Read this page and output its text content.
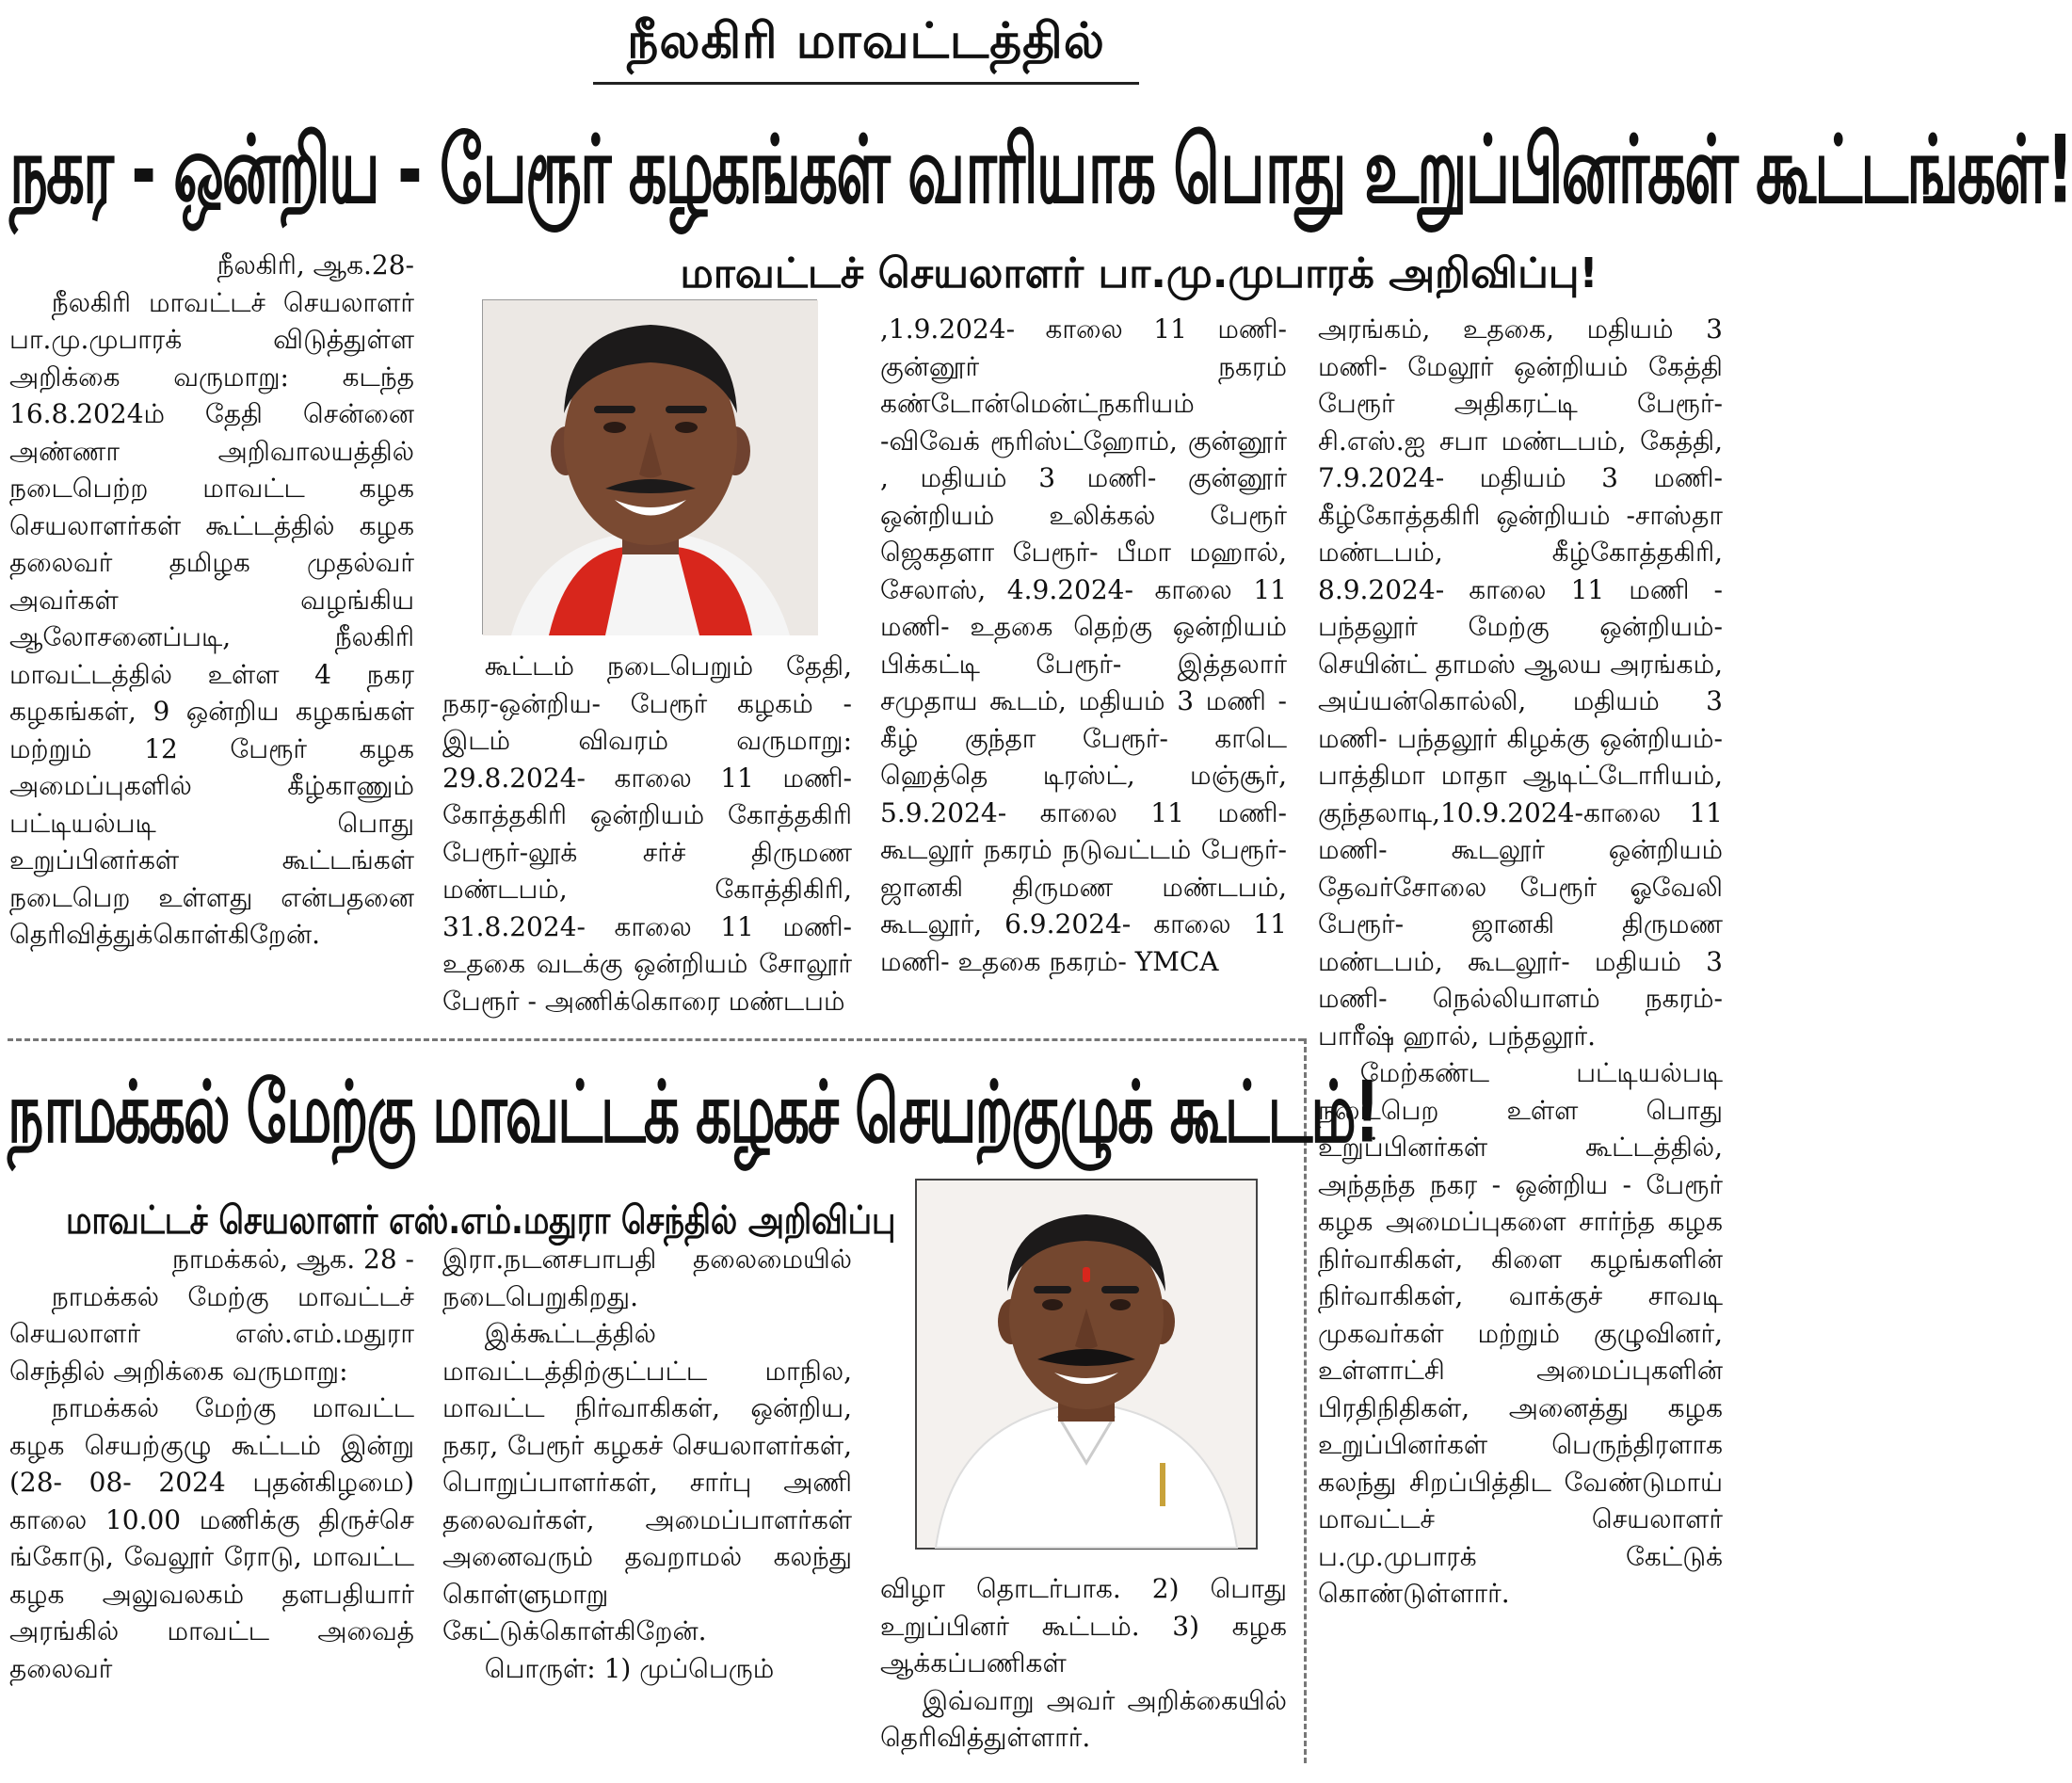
நீலகிரி மாவட்டத்தில்
நகர - ஒன்றிய - பேரூர் கழகங்கள் வாரியாக பொது உறுப்பினர்கள் கூட்டங்கள்!
மாவட்டச் செயலாளர் பா.மு.முபாரக் அறிவிப்பு!

நீலகிரி, ஆக.28-

நீலகிரி மாவட்டச் செயலாளர் பா.மு.முபாரக் விடுத்துள்ள அறிக்கை வருமாறு: கடந்த 16.8.2024ம் தேதி சென்னை அண்ணா அறிவாலயத்தில் நடைபெற்ற மாவட்ட கழக செயலாளர்கள் கூட்டத்தில் கழக தலைவர் தமிழக முதல்வர் அவர்கள் வழங்கிய ஆலோசனைப்படி, நீலகிரி மாவட்டத்தில் உள்ள 4 நகர கழகங்கள், 9 ஒன்றிய கழகங்கள் மற்றும் 12 பேரூர் கழக அமைப்புகளில் கீழ்காணும் பட்டியல்படி பொது உறுப்பினர்கள் கூட்டங்கள் நடைபெற உள்ளது என்பதனை தெரிவித்துக்கொள்கிறேன்.

கூட்டம் நடைபெறும் தேதி, நகர-ஒன்றிய- பேரூர் கழகம் - இடம் விவரம் வருமாறு: 29.8.2024- காலை 11 மணி- கோத்தகிரி ஒன்றியம் கோத்தகிரி பேரூர்-லூக் சர்ச் திருமண மண்டபம், கோத்திகிரி, 31.8.2024- காலை 11 மணி- உதகை வடக்கு ஒன்றியம் சோலூர் பேரூர் - அணிக்கொரை மண்டபம்

,1.9.2024- காலை 11 மணி- குன்னூர் நகரம் கண்டோன்மென்ட்நகரியம் -விவேக் ரூரிஸ்ட்ஹோம், குன்னூர் , மதியம் 3 மணி- குன்னூர் ஒன்றியம் உலிக்கல் பேரூர் ஜெகதளா பேரூர்- பீமா மஹால், சேலாஸ், 4.9.2024- காலை 11 மணி- உதகை தெற்கு ஒன்றியம் பிக்கட்டி பேரூர்- இத்தலார் சமுதாய கூடம், மதியம் 3 மணி - கீழ் குந்தா பேரூர்- காடெ ஹெத்தெ டிரஸ்ட், மஞ்சூர், 5.9.2024- காலை 11 மணி- கூடலூர் நகரம் நடுவட்டம் பேரூர்- ஜானகி திருமண மண்டபம், கூடலூர், 6.9.2024- காலை 11 மணி- உதகை நகரம்- YMCA

அரங்கம், உதகை, மதியம் 3 மணி- மேலூர் ஒன்றியம் கேத்தி பேரூர் அதிகரட்டி பேரூர்- சி.எஸ்.ஐ சபா மண்டபம், கேத்தி, 7.9.2024- மதியம் 3 மணி- கீழ்கோத்தகிரி ஒன்றியம் -சாஸ்தா மண்டபம், கீழ்கோத்தகிரி, 8.9.2024- காலை 11 மணி - பந்தலூர் மேற்கு ஒன்றியம்- செயின்ட் தாமஸ் ஆலய அரங்கம், அய்யன்கொல்லி, மதியம் 3 மணி- பந்தலூர் கிழக்கு ஒன்றியம்- பாத்திமா மாதா ஆடிட்டோரியம், குந்தலாடி,10.9.2024-காலை 11 மணி- கூடலூர் ஒன்றியம் தேவர்சோலை பேரூர் ஓவேலி பேரூர்- ஜானகி திருமண மண்டபம், கூடலூர்- மதியம் 3 மணி- நெல்லியாளம் நகரம்- பாரீஷ் ஹால், பந்தலூர்.

மேற்கண்ட பட்டியல்படி நடைபெற உள்ள பொது உறுப்பினர்கள் கூட்டத்தில், அந்தந்த நகர - ஒன்றிய - பேரூர் கழக அமைப்புகளை சார்ந்த கழக நிர்வாகிகள், கிளை கழங்களின் நிர்வாகிகள், வாக்குச் சாவடி முகவர்கள் மற்றும் குழுவினர், உள்ளாட்சி அமைப்புகளின் பிரதிநிதிகள், அனைத்து கழக உறுப்பினர்கள் பெருந்திரளாக கலந்து சிறப்பித்திட வேண்டுமாய் மாவட்டச் செயலாளர் ப.மு.முபாரக் கேட்டுக் கொண்டுள்ளார்.

நாமக்கல் மேற்கு மாவட்டக் கழகச் செயற்குழுக் கூட்டம்!
மாவட்டச் செயலாளர் எஸ்.எம்.மதுரா செந்தில் அறிவிப்பு

நாமக்கல், ஆக. 28 -

நாமக்கல் மேற்கு மாவட்டச் செயலாளர் எஸ்.எம்.மதுரா செந்தில் அறிக்கை வருமாறு:

நாமக்கல் மேற்கு மாவட்ட கழக செயற்குழு கூட்டம் இன்று (28- 08- 2024 புதன்கிழமை) காலை 10.00 மணிக்கு திருச்செ ங்கோடு, வேலூர் ரோடு, மாவட்ட கழக அலுவலகம் தளபதியார் அரங்கில் மாவட்ட அவைத் தலைவர்

இரா.நடனசபாபதி தலைமையில் நடைபெறுகிறது.

இக்கூட்டத்தில் மாவட்டத்திற்குட்பட்ட மாநில, மாவட்ட நிர்வாகிகள், ஒன்றிய, நகர, பேரூர் கழகச் செயலாளர்கள், பொறுப்பாளர்கள், சார்பு அணி தலைவர்கள், அமைப்பாளர்கள் அனைவரும் தவறாமல் கலந்து கொள்ளுமாறு கேட்டுக்கொள்கிறேன்.

பொருள்: 1) முப்பெரும்

விழா தொடர்பாக. 2) பொது உறுப்பினர் கூட்டம். 3) கழக ஆக்கப்பணிகள்

இவ்வாறு அவர் அறிக்கையில் தெரிவித்துள்ளார்.
